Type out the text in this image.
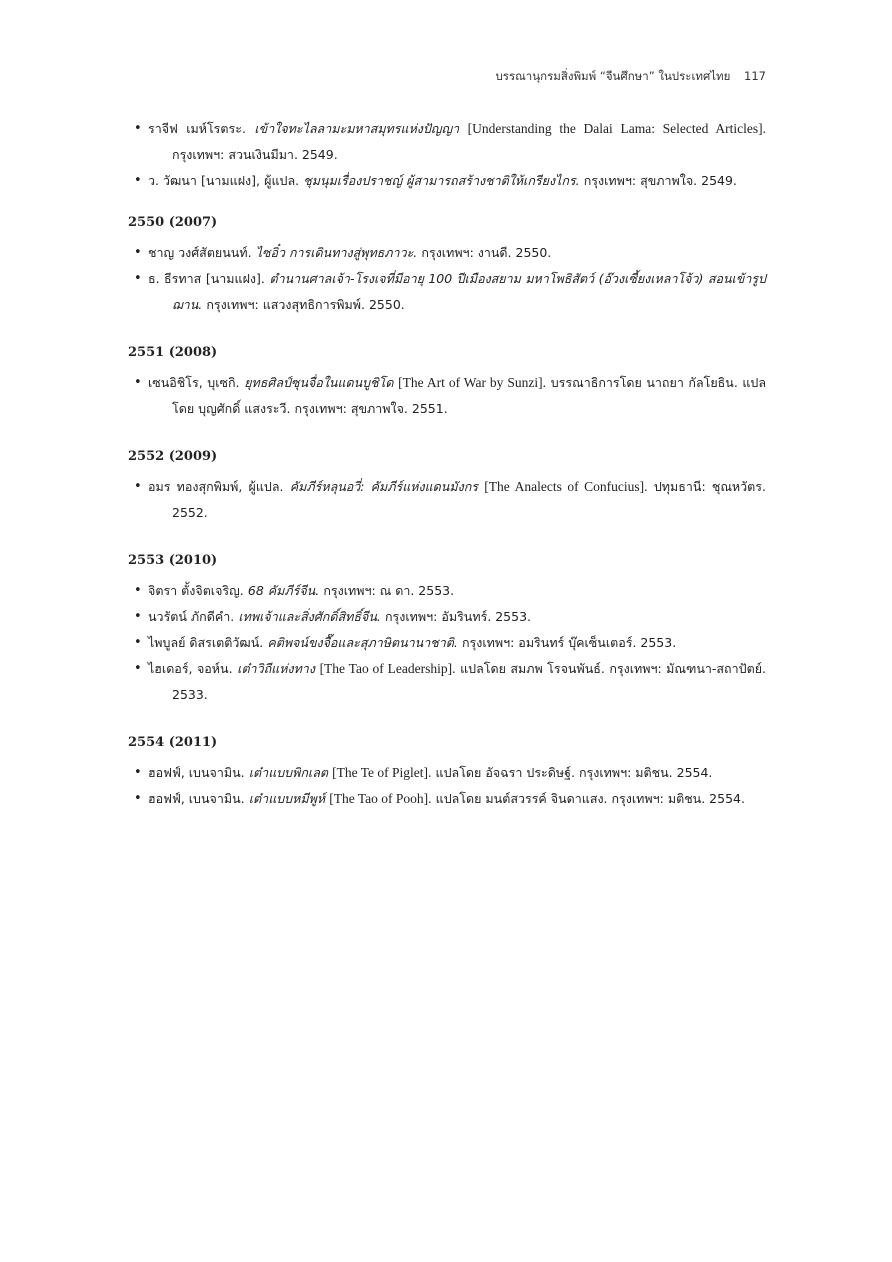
บรรณานุกรมสิ่งพิมพ์ “จีนศึกษา” ในประเทศไทย 117
• ราจีฟ เมห์โรตระ. เข้าใจทะไลลามะมหาสมุทรแห่งปัญญา [Understanding the Dalai Lama: Selected Articles]. กรุงเทพฯ: สวนเงินมีมา. 2549.
• ว. วัฒนา [นามแฝง], ผู้แปล. ชุมนุมเรื่องปราชญ์ ผู้สามารถสร้างชาติให้เกรียงไกร. กรุงเทพฯ: สุขภาพใจ. 2549.
2550 (2007)
• ชาญ วงศ์สัตยนนท์. ไซอิ๋ว การเดินทางสู่พุทธภาวะ. กรุงเทพฯ: งานดี. 2550.
• ธ. ธีรทาส [นามแฝง]. ตำนานศาลเจ้า-โรงเจที่มีอายุ 100 ปีเมืองสยาม มหาโพธิสัตว์ (อ๊วงเซี้ยงเหลาโจ้ว) สอนเข้ารูปฌาน. กรุงเทพฯ: แสวงสุทธิการพิมพ์. 2550.
2551 (2008)
• เซนอิชิโร, บุเซกิ. ยุทธศิลป์ซุนจื่อในแดนบูชิโด [The Art of War by Sunzi]. บรรณาธิการโดย นาถยา กัลโยธิน. แปลโดย บุญศักดิ์ แสงระวี. กรุงเทพฯ: สุขภาพใจ. 2551.
2552 (2009)
• อมร ทองสุกพิมพ์, ผู้แปล. คัมภีร์หลุนอวี่: คัมภีร์แห่งแดนมังกร [The Analects of Confucius]. ปทุมธานี: ชุณหวัตร. 2552.
2553 (2010)
• จิตรา ตั้งจิตเจริญ. 68 คัมภีร์จีน. กรุงเทพฯ: ณ ดา. 2553.
• นวรัตน์ ภักดีคำ. เทพเจ้าและสิ่งศักดิ์สิทธิ์จีน. กรุงเทพฯ: อัมรินทร์. 2553.
• ไพบูลย์ ดิสรเตติวัฒน์. คติพจน์ขงจื๊อและสุภาษิตนานาชาติ. กรุงเทพฯ: อมรินทร์ บุ๊คเซ็นเตอร์. 2553.
• ไฮเดอร์, จอห์น. เต๋าวิถีแห่งทาง [The Tao of Leadership]. แปลโดย สมภพ โรจนพันธ์. กรุงเทพฯ: มัณฑนา-สถาปัตย์. 2533.
2554 (2011)
• ฮอฟฟ์, เบนจามิน. เต๋าแบบพิกเลต [The Te of Piglet]. แปลโดย อัจฉรา ประดิษฐ์. กรุงเทพฯ: มติชน. 2554.
• ฮอฟฟ์, เบนจามิน. เต๋าแบบหมีพูห์ [The Tao of Pooh]. แปลโดย มนต์สวรรค์ จินดาแสง. กรุงเทพฯ: มติชน. 2554.
